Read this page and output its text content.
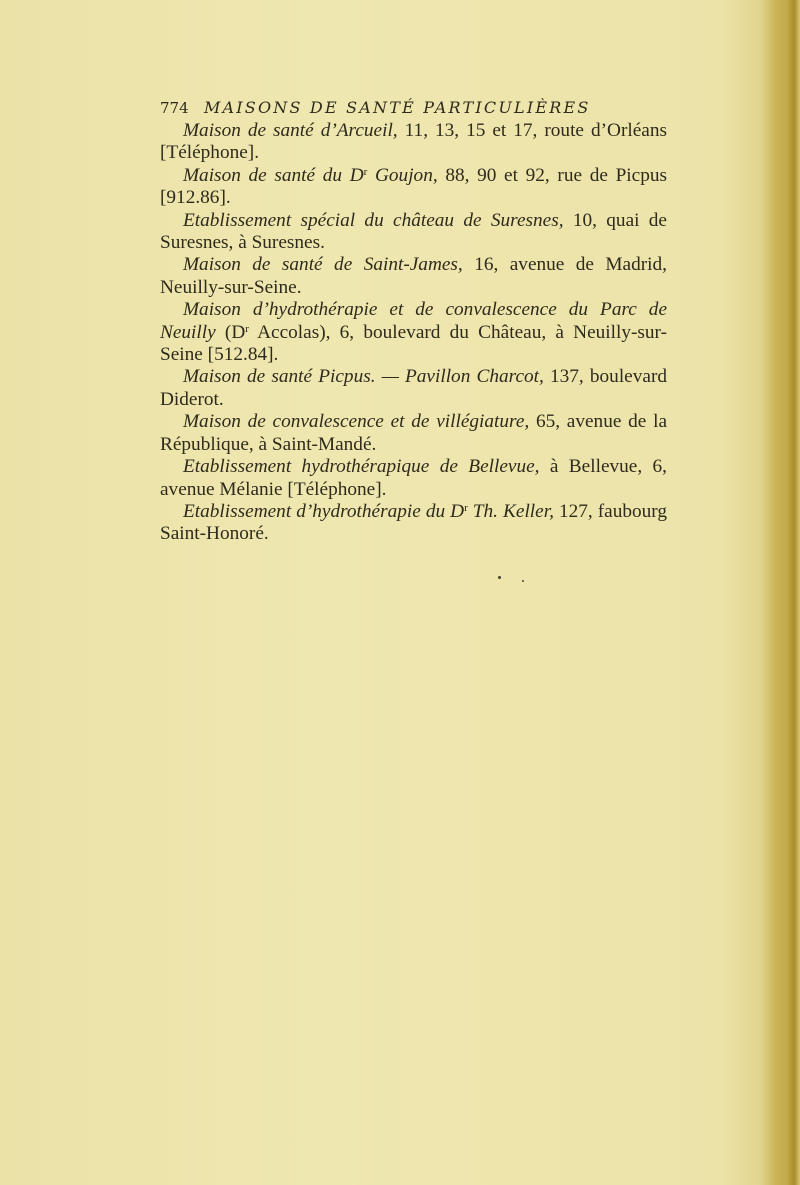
774 MAISONS DE SANTÉ PARTICULIÈRES

Maison de santé d’Arcueil, 11, 13, 15 et 17, route d’Orléans [Téléphone].

Maison de santé du $D^r$ Goujon, 88, 90 et 92, rue de Picpus [912.86].

Etablissement spécial du château de Suresnes, 10, quai de Suresnes, à Suresnes.

Maison de santé de Saint-James, 16, avenue de Madrid, Neuilly-sur-Seine.

Maison d’hydrothérapie et de convalescence du Parc de Neuilly ($D^r$ Accolas), 6, boulevard du Château, à Neuilly-sur-Seine [512.84].

Maison de santé Picpus. — Pavillon Charcot, 137, boulevard Diderot.

Maison de convalescence et de villégiature, 65, avenue de la République, à Saint-Mandé.

Etablissement hydrothérapique de Bellevue, à Bellevue, 6, avenue Mélanie [Téléphone].

Etablissement d’hydrothérapie du $D^r$ Th. Keller, 127, faubourg Saint-Honoré.
